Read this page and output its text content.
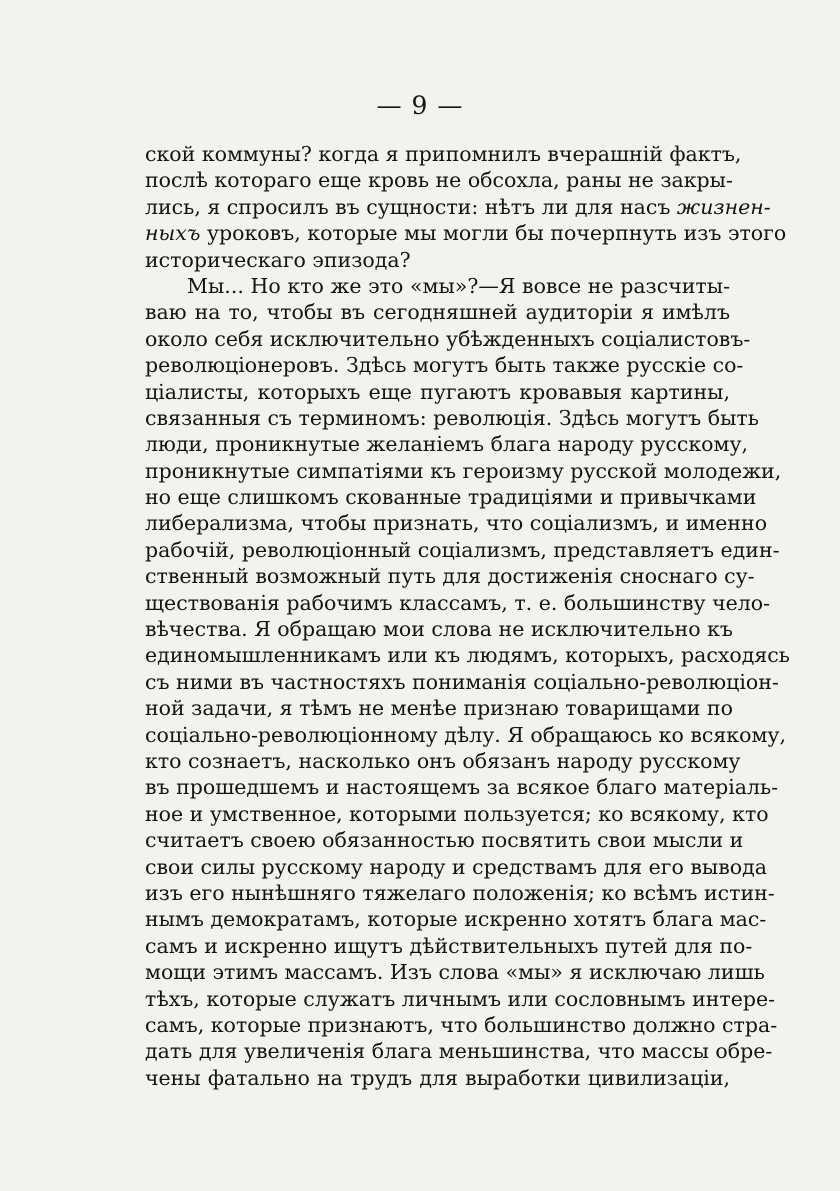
— 9 —
ской коммуны? когда я припомнилъ вчерашній фактъ,
послѣ котораго еще кровь не обсохла, раны не закры-
лись, я спросилъ въ сущности: нѣтъ ли для насъ жизнен-
ныхъ уроковъ, которые мы могли бы почерпнуть изъ этого
историческаго эпизода?
Мы... Но кто же это «мы»?—Я вовсе не разсчиты-
ваю на то, чтобы въ сегодняшней аудиторіи я имѣлъ
около себя исключительно убѣжденныхъ соціалистовъ-
революціонеровъ. Здѣсь могутъ быть также русскіе со-
ціалисты, которыхъ еще пугаютъ кровавыя картины,
связанныя съ терминомъ: революція. Здѣсь могутъ быть
люди, проникнутые желаніемъ блага народу русскому,
проникнутые симпатіями къ героизму русской молодежи,
но еще слишкомъ скованные традиціями и привычками
либерализма, чтобы признать, что соціализмъ, и именно
рабочій, революціонный соціализмъ, представляетъ един-
ственный возможный путь для достиженія сноснаго су-
ществованія рабочимъ классамъ, т. е. большинству чело-
вѣчества. Я обращаю мои слова не исключительно къ
единомышленникамъ или къ людямъ, которыхъ, расходясь
съ ними въ частностяхъ пониманія соціально-революціон-
ной задачи, я тѣмъ не менѣе признаю товарищами по
соціально-революціонному дѣлу. Я обращаюсь ко всякому,
кто сознаетъ, насколько онъ обязанъ народу русскому
въ прошедшемъ и настоящемъ за всякое благо матеріаль-
ное и умственное, которыми пользуется; ко всякому, кто
считаетъ своею обязанностью посвятить свои мысли и
свои силы русскому народу и средствамъ для его вывода
изъ его нынѣшняго тяжелаго положенія; ко всѣмъ истин-
нымъ демократамъ, которые искренно хотятъ блага мас-
самъ и искренно ищутъ дѣйствительныхъ путей для по-
мощи этимъ массамъ. Изъ слова «мы» я исключаю лишь
тѣхъ, которые служатъ личнымъ или сословнымъ интере-
самъ, которые признаютъ, что большинство должно стра-
дать для увеличенія блага меньшинства, что массы обре-
чены фатально на трудъ для выработки цивилизаціи,
